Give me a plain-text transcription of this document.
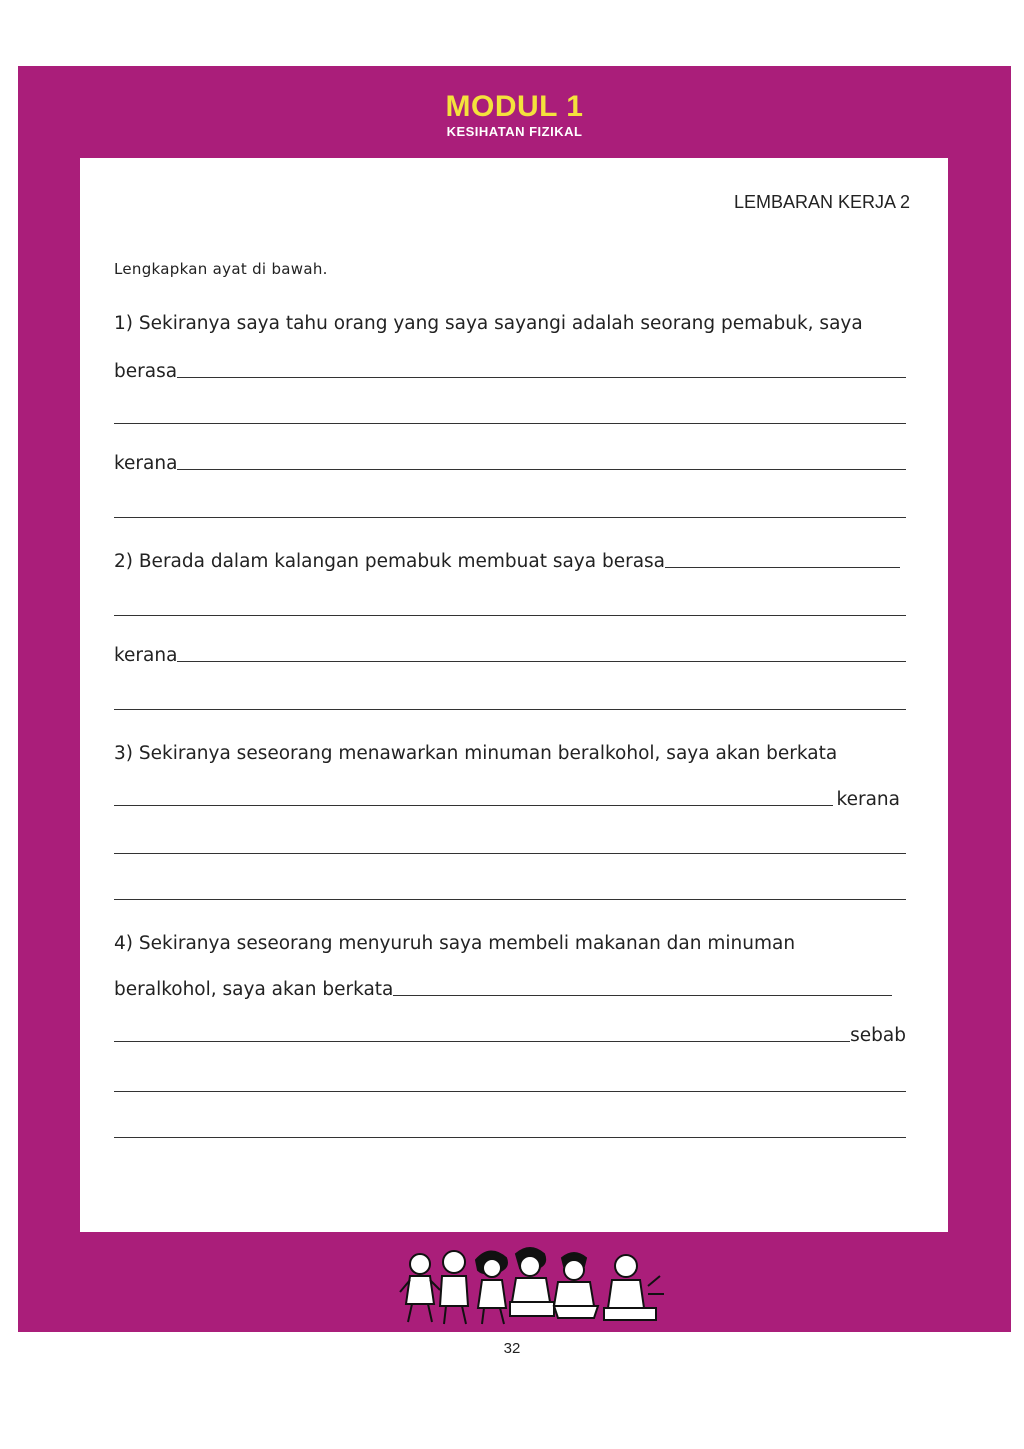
MODUL 1
KESIHATAN FIZIKAL
LEMBARAN KERJA 2
Lengkapkan ayat di bawah.
1) Sekiranya saya tahu orang yang saya sayangi adalah seorang pemabuk, saya
berasa
kerana
2) Berada dalam kalangan pemabuk membuat saya berasa
kerana
3) Sekiranya seseorang menawarkan minuman beralkohol, saya akan berkata
kerana
4) Sekiranya seseorang menyuruh saya membeli makanan dan minuman
beralkohol, saya akan berkata
sebab
32
